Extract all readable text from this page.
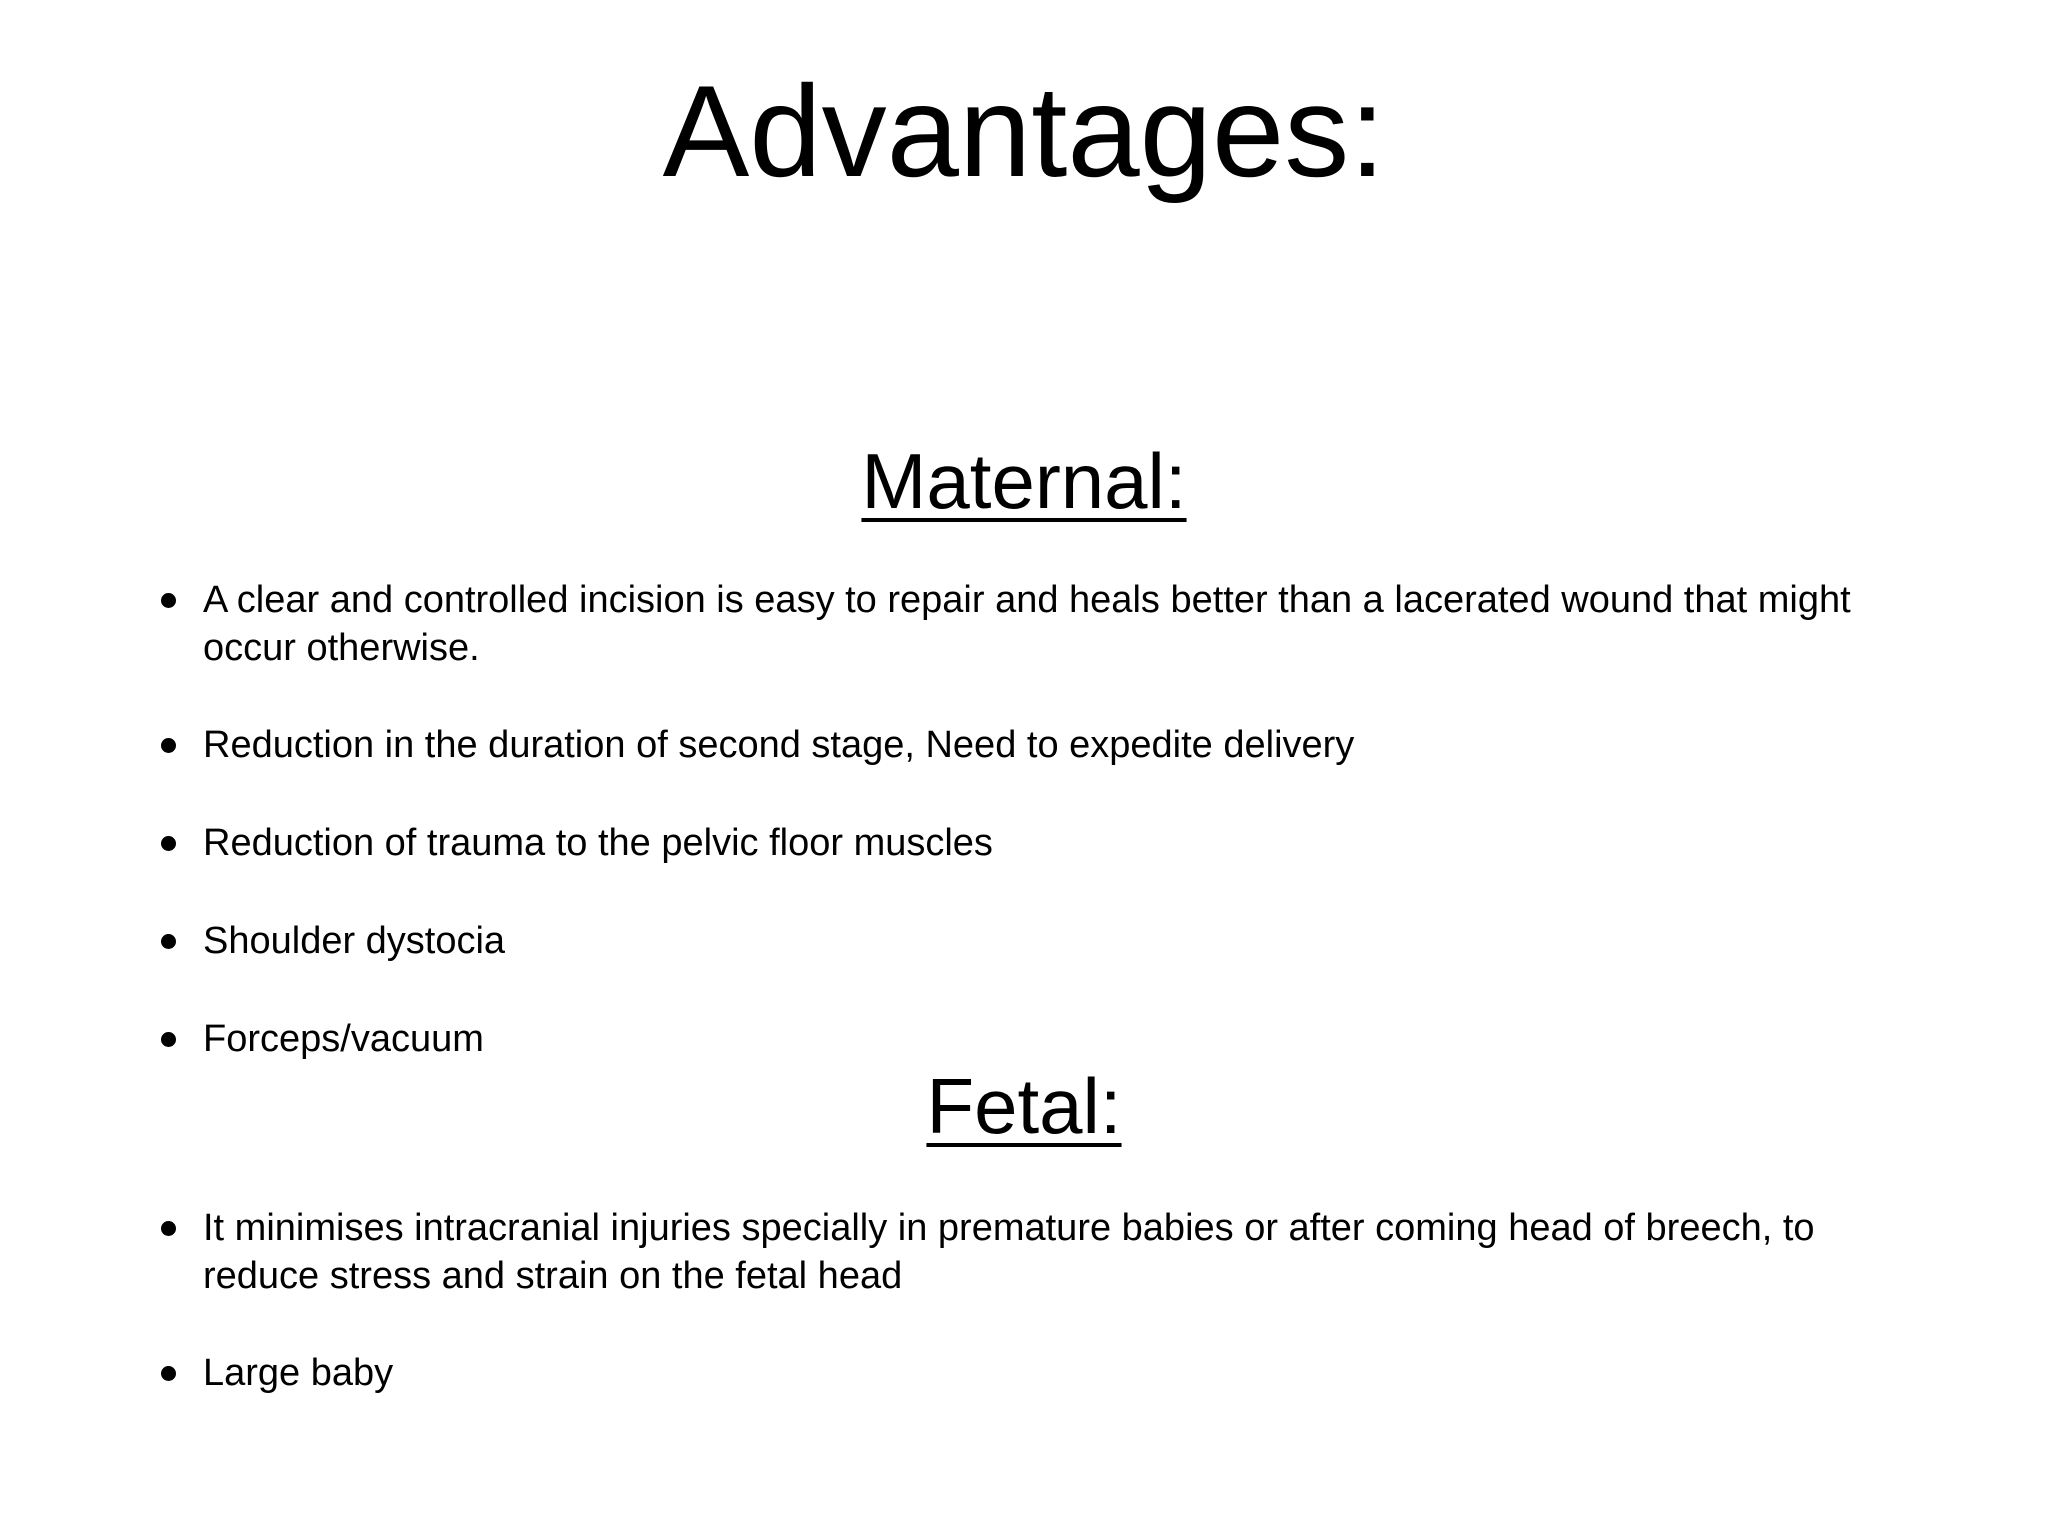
Advantages:
Maternal:

A clear and controlled incision is easy to repair and heals better than a lacerated wound that might occur otherwise.

Reduction in the duration of second stage, Need to expedite delivery

Reduction of trauma to the pelvic floor muscles

Shoulder dystocia

Forceps/vacuum

Fetal:

It minimises intracranial injuries specially in premature babies or after coming head of breech, to reduce stress and strain on the fetal head

Large baby
